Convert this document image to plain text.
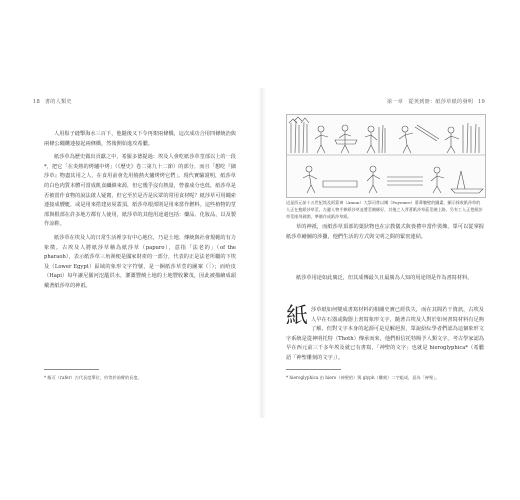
18 書的人類史

人用鬃子縫擊海水三百下，他隨後又下令再架兩條橋，這次成功合用四條統治與兩條公繩纜連接起兩條橋，然後開始進攻希臘。

紙莎草為歷史做出貢獻之中，希羅多德提過：埃及人會吃紙莎草莖部以上的一段*，把它「在炎熱的烤爐中烤」（《歷史》卷二第九十二節）的部分，而且「想吃『細莎草』物盡其用之人，在食用前會先用燒熱火爐烤烤它們」。現代實驗證明，紙莎草的白色肉質本體可當成飢食纖維來源，但它幾乎沒有熱量，營養成分也低，紙莎草是否被當作食物的說法啟人疑竇，但它至於是否是民眾的常用食材呢？紙莎草可用繩索連接成艘艇，或是用來搭建房屋蓋頂，紙莎草根部則是用來當作燃料。這些植物的莖部與根部在許多地方都有人使用，紙莎草的其他用途還包括：藥品、化妝品，以及製作涼鞋。

紙莎草在埃及人的日常生活裡享有中心地位，乃是土地、傳統與社會規範的有力象徵。古埃及人將紙莎草稱為紙莎草（papuro），意指「法老的」（of the pharaoh），表示紙莎草三角洲便是國家財產的一部分，代表的正是法老所屬的下埃及（Lower Egypt）區域的象形文字符號，是一捆紙莎草莖的圖案（𓇅）；而哈皮（Hapi）每年讓尼羅河氾濫洪水，灌溉豐饒土地的土地豐收繁茂，因此被描繪成頭戴著紙莎草的神祇。

* 飯可（rafer）古代長度單位，約等於前臂的長度。
第一章　從莢到冊：紙莎草紙的發明 19
這是西元前十五世紀埃及阿蒙神（Amun）大祭司普以爾（Puyemre）墓葬牆壁的圖畫，顯示採收紙莎草的人正在抱紙莎草莖，左邊人物手捧紙莎草並將莖綑綁好，其後之人背著紙莎草茲莖綑上路。另有工人正把紙莎草莖排列剝開，準備作成紙莎草紙。

草的神祇，而紙莎草頂部的葉狀物也在宗教儀式與喪禮中當作裝飾。眾可以從掌握紙莎草繪圖的涉獵，他們生活的方式與文明之間的緊密連結。

紙莎草用途如此廣泛，但其成傳最久且最廣為人知的用途則是作為書寫材料。

紙 莎草紙如何變成書寫材料的相關史實已經佚失，而在其間若干資訊，古埃及人早在石器或陶器上書寫象形文字，隨著古埃及人對於如何書寫材料有足夠了解，但對文字本身的起源可是見解迥異，眾說紛紜學者們認為這個象形文字系統是從神明托特（Thoth）傳承而來，他們相信托特賜予人類文字。考古學家認為早在西元前三千多年埃及就已有書寫，「神聖的文字」也就是 hieroglyphica*（希臘語「神聖雕刻的文字」）。

* hieroglyphica 由 hiero（神聖的）與 glyph（雕刻）二字組成，意為「神聖」。
